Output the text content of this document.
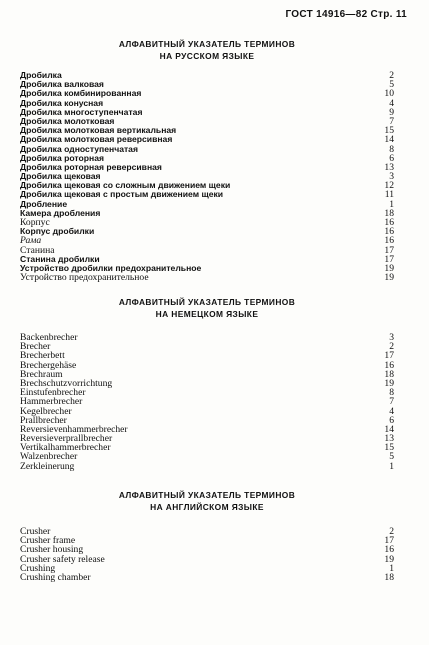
ГОСТ 14916—82 Стр. 11
АЛФАВИТНЫЙ УКАЗАТЕЛЬ ТЕРМИНОВ
НА РУССКОМ ЯЗЫКЕ
Дробилка	2
Дробилка валковая	5
Дробилка комбинированная	10
Дробилка конусная	4
Дробилка многоступенчатая	9
Дробилка молотковая	7
Дробилка молотковая вертикальная	15
Дробилка молотковая реверсивная	14
Дробилка одноступенчатая	8
Дробилка роторная	6
Дробилка роторная реверсивная	13
Дробилка щековая	3
Дробилка щековая со сложным движением щеки	12
Дробилка щековая с простым движением щеки	11
Дробление	1
Камера дробления	18
Корпус	16
Корпус дробилки	16
Рама	16
Станина	17
Станина дробилки	17
Устройство дробилки предохранительное	19
Устройство предохранительное	19
АЛФАВИТНЫЙ УКАЗАТЕЛЬ ТЕРМИНОВ
НА НЕМЕЦКОМ ЯЗЫКЕ
Backenbrecher	3
Brecher	2
Brecherbett	17
Brechergehäse	16
Brechraum	18
Brechschutzvorrichtung	19
Einstufenbrecher	8
Hammerbrecher	7
Kegelbrecher	4
Prallbrecher	6
Reversievenhammerbrecher	14
Reversieverprallbrecher	13
Vertikalhammerbrecher	15
Walzenbrecher	5
Zerkleinerung	1
АЛФАВИТНЫЙ УКАЗАТЕЛЬ ТЕРМИНОВ
НА АНГЛИЙСКОМ ЯЗЫКЕ
Crusher	2
Crusher frame	17
Crusher housing	16
Crusher safety release	19
Crushing	1
Crushing chamber	18
